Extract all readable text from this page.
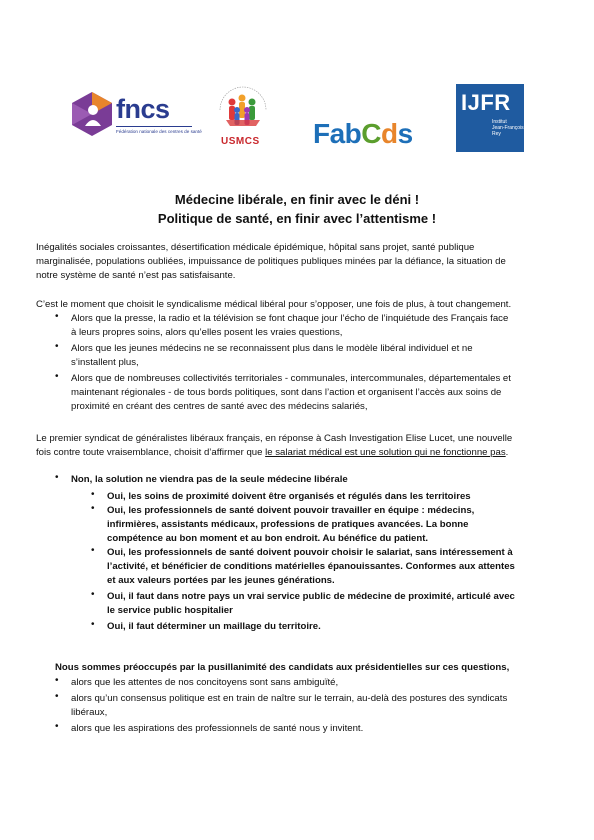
fncs
Fédération nationale des centres de santé
USMCS FabCds
IJFR
Institut
Jean-François
Rey
Médecine libérale, en finir avec le déni !
Politique de santé, en finir avec l’attentisme !
Inégalités sociales croissantes, désertification médicale épidémique, hôpital sans projet, santé publique
marginalisée, populations oubliées, impuissance de politiques publiques minées par la défiance, la situation de
notre système de santé n’est pas satisfaisante.
C’est le moment que choisit le syndicalisme médical libéral pour s’opposer, une fois de plus, à tout changement.
• Alors que la presse, la radio et la télévision se font chaque jour l’écho de l’inquiétude des Français face
à leurs propres soins, alors qu’elles posent les vraies questions,
• Alors que les jeunes médecins ne se reconnaissent plus dans le modèle libéral individuel et ne
s’installent plus,
• Alors que de nombreuses collectivités territoriales - communales, intercommunales, départementales et
maintenant régionales - de tous bords politiques, sont dans l’action et organisent l’accès aux soins de
proximité en créant des centres de santé avec des médecins salariés,
Le premier syndicat de généralistes libéraux français, en réponse à Cash Investigation Elise Lucet, une nouvelle
fois contre toute vraisemblance, choisit d’affirmer que le salariat médical est une solution qui ne fonctionne pas.
• Non, la solution ne viendra pas de la seule médecine libérale
• Oui, les soins de proximité doivent être organisés et régulés dans les territoires
• Oui, les professionnels de santé doivent pouvoir travailler en équipe : médecins,
infirmières, assistants médicaux, professions de pratiques avancées. La bonne
compétence au bon moment et au bon endroit. Au bénéfice du patient.
• Oui, les professionnels de santé doivent pouvoir choisir le salariat, sans intéressement à
l’activité, et bénéficier de conditions matérielles épanouissantes. Conformes aux attentes
et aux valeurs portées par les jeunes générations.
• Oui, il faut dans notre pays un vrai service public de médecine de proximité, articulé avec
le service public hospitalier
• Oui, il faut déterminer un maillage du territoire.
Nous sommes préoccupés par la pusillanimité des candidats aux présidentielles sur ces questions,
• alors que les attentes de nos concitoyens sont sans ambiguïté,
• alors qu’un consensus politique est en train de naître sur le terrain, au-delà des postures des syndicats
libéraux,
• alors que les aspirations des professionnels de santé nous y invitent.
